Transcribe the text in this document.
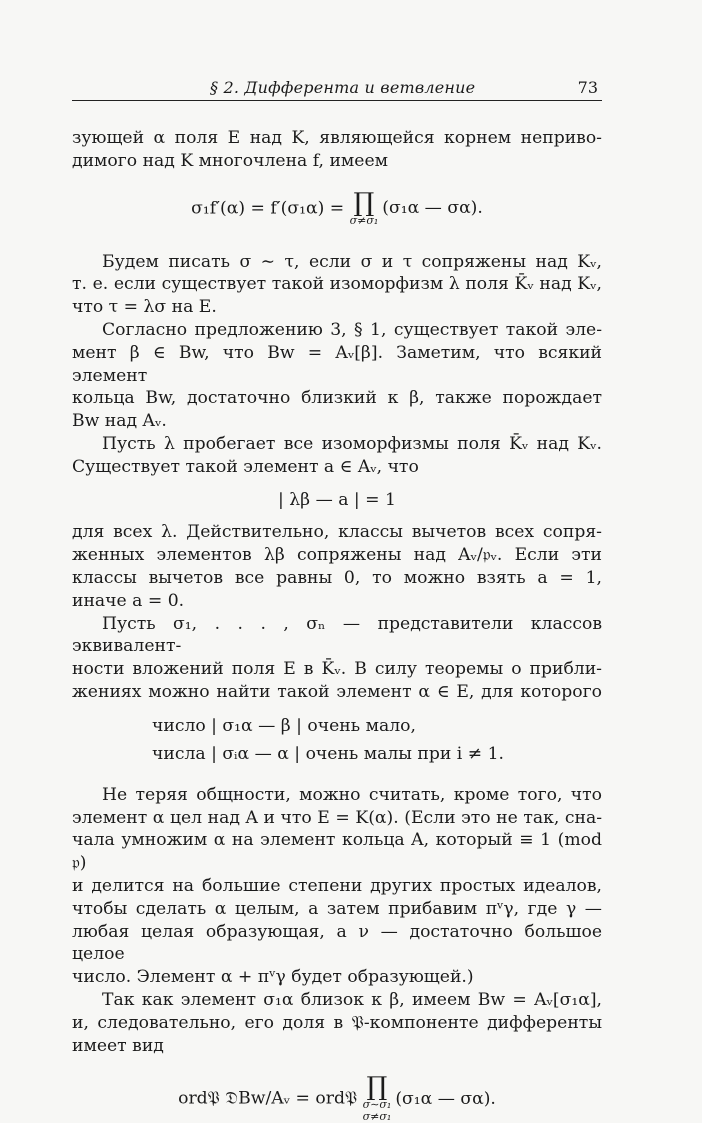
§ 2. Дифферента и ветвление	73
зующей α поля E над K, являющейся корнем неприво-
димого над K многочлена f, имеем
σ₁f′(α) = f′(σ₁α) = ∏
σ≠σ₁
(σ₁α — σα).
Будем писать σ ∼ τ, если σ и τ сопряжены над Kᵥ,
т. е. если существует такой изоморфизм λ поля K̄ᵥ над Kᵥ,
что τ = λσ на E.
Согласно предложению 3, § 1, существует такой эле-
мент β ∈ Bw, что Bw = Aᵥ[β]. Заметим, что всякий элемент
кольца Bw, достаточно близкий к β, также порождает
Bw над Aᵥ.
Пусть λ пробегает все изоморфизмы поля K̄ᵥ над Kᵥ.
Существует такой элемент a ∈ Aᵥ, что
| λβ — a | = 1
для всех λ. Действительно, классы вычетов всех сопря-
женных элементов λβ сопряжены над Aᵥ/𝔭ᵥ. Если эти
классы вычетов все равны 0, то можно взять a = 1,
иначе a = 0.
Пусть σ₁, . . . , σₙ — представители классов эквивалент-
ности вложений поля E в K̄ᵥ. В силу теоремы о прибли-
жениях можно найти такой элемент α ∈ E, для которого
число | σ₁α — β | очень мало,
числа | σᵢα — α | очень малы при i ≠ 1.
Не теряя общности, можно считать, кроме того, что
элемент α цел над A и что E = K(α). (Если это не так, сна-
чала умножим α на элемент кольца A, который ≡ 1 (mod 𝔭)
и делится на большие степени других простых идеалов,
чтобы сделать α целым, а затем прибавим πᵛγ, где γ —
любая целая образующая, а ν — достаточно большое целое
число. Элемент α + πᵛγ будет образующей.)
Так как элемент σ₁α близок к β, имеем Bw = Aᵥ[σ₁α],
и, следовательно, его доля в 𝔓-компоненте дифференты
имеет вид
ord𝔓 𝔇Bw/Aᵥ = ord𝔓 ∏
σ∼σ₁
σ≠σ₁
(σ₁α — σα).
